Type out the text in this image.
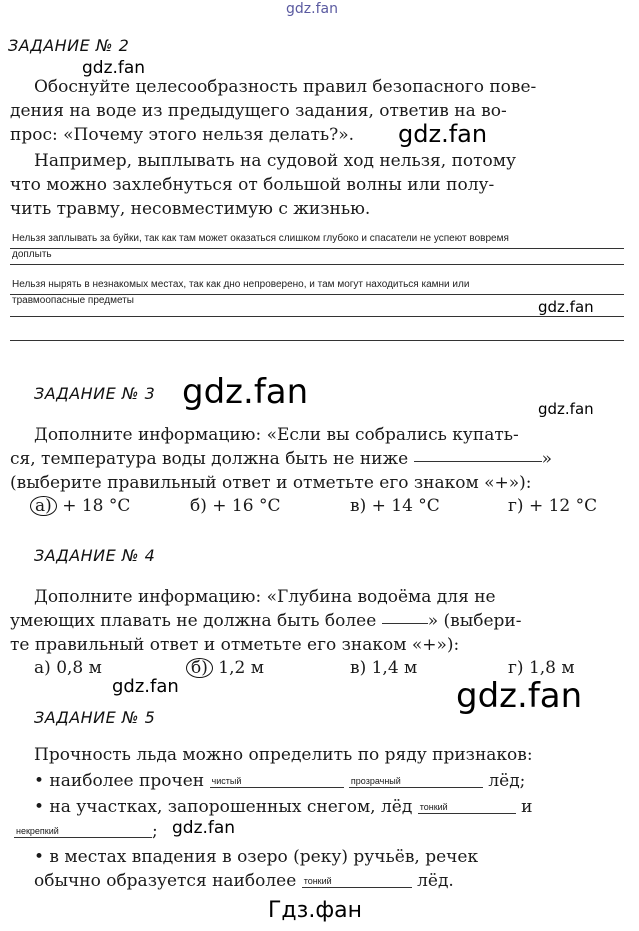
gdz.fan
gdz.fan
gdz.fan
gdz.fan
gdz.fan	gdz.fan
gdz.fan	gdz.fan
gdz.fan
Гдз.фан
ЗАДАНИЕ № 2
Обоснуйте целесообразность правил безопасного пове-
дения на воде из предыдущего задания, ответив на во-
прос: «Почему этого нельзя делать?».
Например, выплывать на судовой ход нельзя, потому
что можно захлебнуться от большой волны или полу-
чить травму, несовместимую с жизнью.
Нельзя заплывать за буйки, так как там может оказаться слишком глубоко и спасатели не успеют вовремя
доплыть
Нельзя нырять в незнакомых местах, так как дно непроверено, и там могут находиться камни или
травмоопасные предметы
ЗАДАНИЕ № 3
Дополните информацию: «Если вы собрались купать-
ся, температура воды должна быть не ниже	»
(выберите правильный ответ и отметьте его знаком «+»):
а) + 18 °С	б) + 16 °С	в) + 14 °С	г) + 12 °С
ЗАДАНИЕ № 4
Дополните информацию: «Глубина водоёма для не
умеющих плавать не должна быть более	» (выбери-
те правильный ответ и отметьте его знаком «+»):
а) 0,8 м	б) 1,2 м	в) 1,4 м	г) 1,8 м
ЗАДАНИЕ № 5
Прочность льда можно определить по ряду признаков:
• наиболее прочен чистый	прозрачный	лёд;
• на участках, запорошенных снегом, лёд тонкий	и
некрепкий	;
• в местах впадения в озеро (реку) ручьёв, речек
обычно образуется наиболее тонкий	лёд.
